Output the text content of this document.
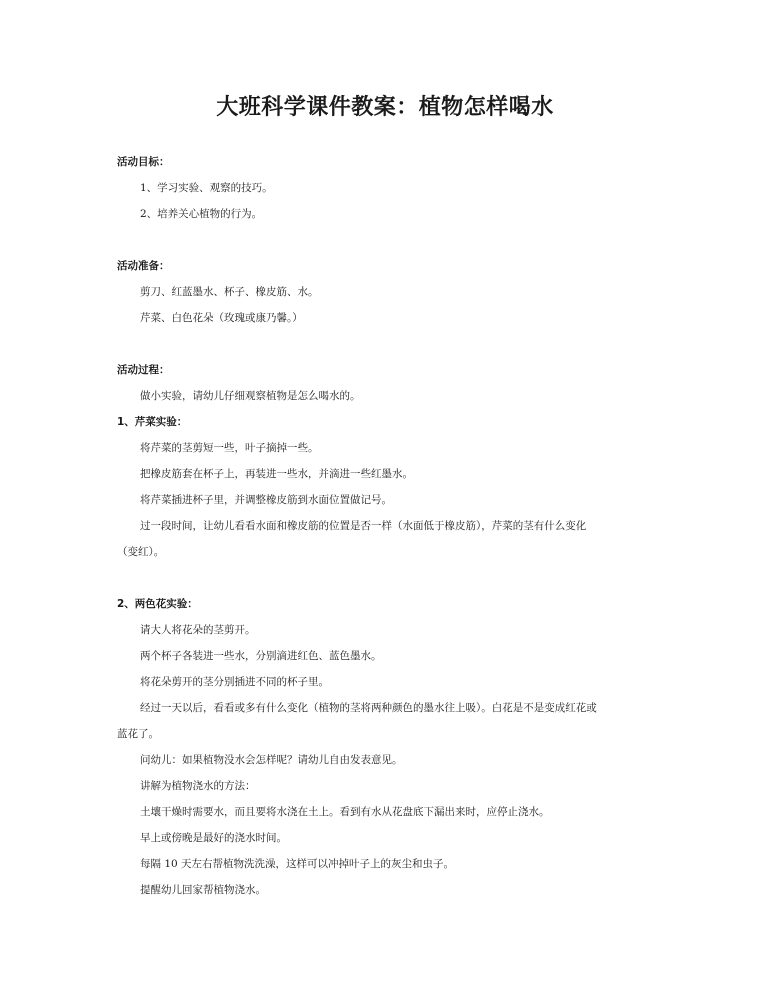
大班科学课件教案：植物怎样喝水
活动目标：
1、学习实验、观察的技巧。
2、培养关心植物的行为。
活动准备：
剪刀、红蓝墨水、杯子、橡皮筋、水。
芹菜、白色花朵（玫瑰或康乃馨。）
活动过程：
做小实验，请幼儿仔细观察植物是怎么喝水的。
1、芹菜实验：
将芹菜的茎剪短一些，叶子摘掉一些。
把橡皮筋套在杯子上，再装进一些水，并滴进一些红墨水。
将芹菜插进杯子里，并调整橡皮筋到水面位置做记号。
过一段时间，让幼儿看看水面和橡皮筋的位置是否一样（水面低于橡皮筋），芹菜的茎有什么变化
（变红）。
2、两色花实验：
请大人将花朵的茎剪开。
两个杯子各装进一些水，分别滴进红色、蓝色墨水。
将花朵剪开的茎分别插进不同的杯子里。
经过一天以后，看看或多有什么变化（植物的茎将两种颜色的墨水往上吸）。白花是不是变成红花或
蓝花了。
问幼儿：如果植物没水会怎样呢？请幼儿自由发表意见。
讲解为植物浇水的方法：
土壤干燥时需要水，而且要将水浇在土上。看到有水从花盘底下漏出来时，应停止浇水。
早上或傍晚是最好的浇水时间。
每隔 10 天左右帮植物洗洗澡，这样可以冲掉叶子上的灰尘和虫子。
提醒幼儿回家帮植物浇水。
